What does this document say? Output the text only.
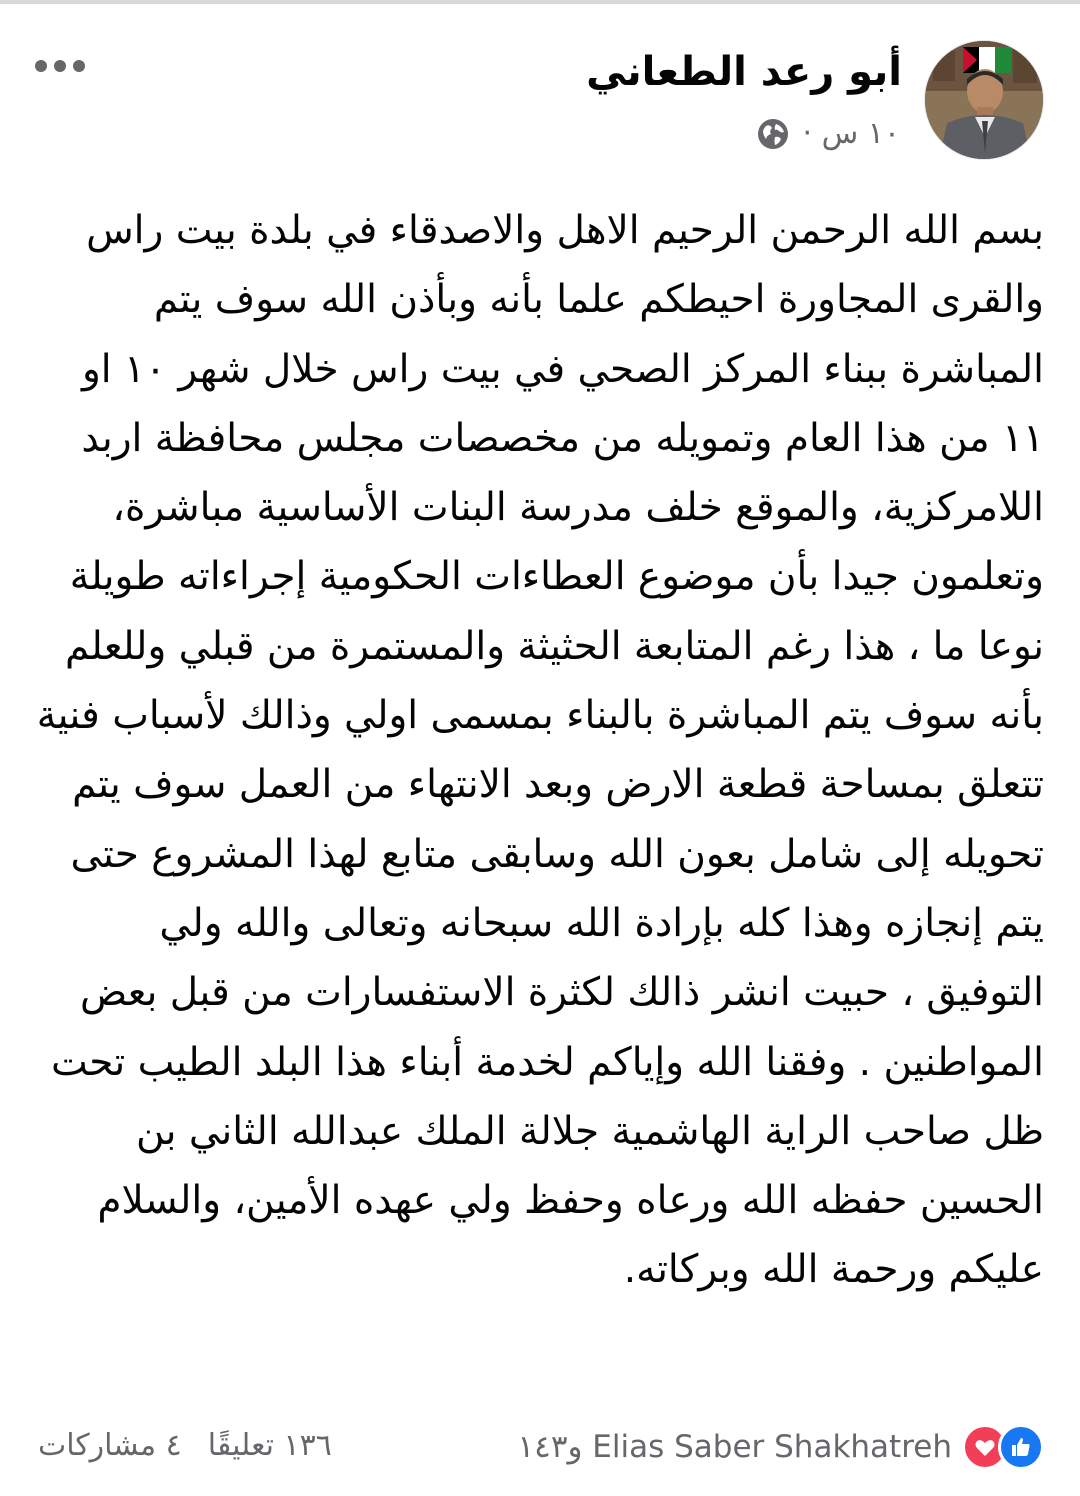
أبو رعد الطعاني
١٠ س ·
بسم الله الرحمن الرحيم الاهل والاصدقاء في بلدة بيت راس والقرى المجاورة احيطكم علما بأنه وبأذن الله سوف يتم المباشرة ببناء المركز الصحي في بيت راس خلال شهر ١٠ او ١١ من هذا العام وتمويله من مخصصات مجلس محافظة اربد اللامركزية، والموقع خلف مدرسة البنات الأساسية مباشرة، وتعلمون جيدا بأن موضوع العطاءات الحكومية إجراءاته طويلة نوعا ما ، هذا رغم المتابعة الحثيثة والمستمرة من قبلي وللعلم بأنه سوف يتم المباشرة بالبناء بمسمى اولي وذالك لأسباب فنية تتعلق بمساحة قطعة الارض وبعد الانتهاء من العمل سوف يتم تحويله إلى شامل بعون الله وسابقى متابع لهذا المشروع حتى يتم إنجازه وهذا كله بإرادة الله سبحانه وتعالى والله ولي التوفيق ، حبيت انشر ذالك لكثرة الاستفسارات من قبل بعض المواطنين . وفقنا الله وإياكم لخدمة أبناء هذا البلد الطيب تحت ظل صاحب الراية الهاشمية جلالة الملك عبدالله الثاني بن الحسين حفظه الله ورعاه وحفظ ولي عهده الأمين، والسلام عليكم ورحمة الله وبركاته.
Elias Saber Shakhatreh و١٤٣
١٣٦ تعليقًا
٤ مشاركات
